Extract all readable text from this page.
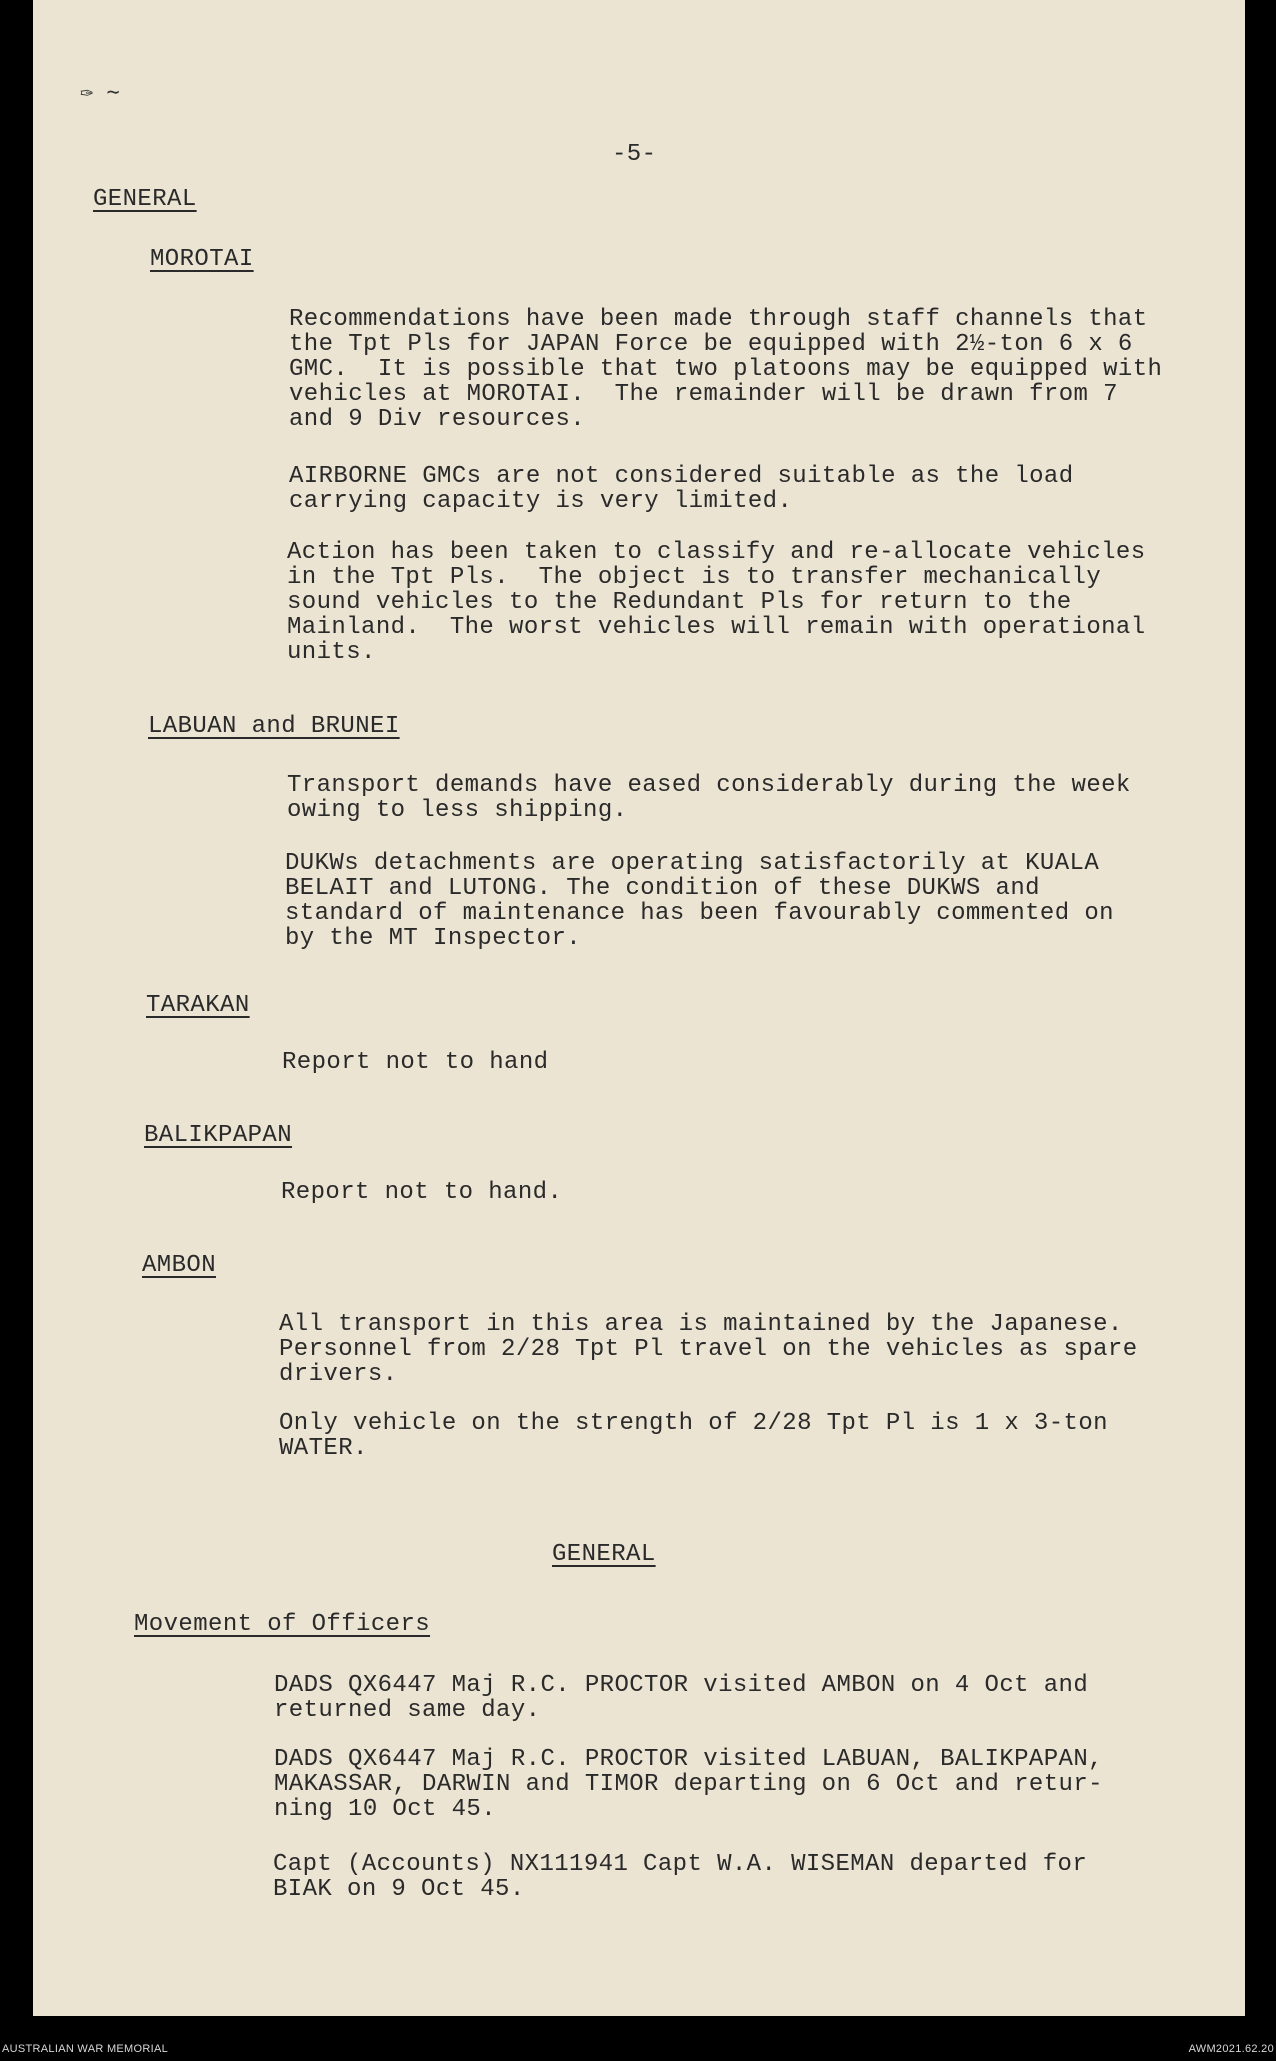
✑ ∼
-5-
GENERAL
MOROTAI
Recommendations have been made through staff channels that
the Tpt Pls for JAPAN Force be equipped with 2½-ton 6 x 6
GMC.  It is possible that two platoons may be equipped with
vehicles at MOROTAI.  The remainder will be drawn from 7
and 9 Div resources.
AIRBORNE GMCs are not considered suitable as the load
carrying capacity is very limited.
Action has been taken to classify and re-allocate vehicles
in the Tpt Pls.  The object is to transfer mechanically
sound vehicles to the Redundant Pls for return to the
Mainland.  The worst vehicles will remain with operational
units.
LABUAN and BRUNEI
Transport demands have eased considerably during the week
owing to less shipping.
DUKWs detachments are operating satisfactorily at KUALA
BELAIT and LUTONG. The condition of these DUKWS and
standard of maintenance has been favourably commented on
by the MT Inspector.
TARAKAN
Report not to hand
BALIKPAPAN
Report not to hand.
AMBON
All transport in this area is maintained by the Japanese.
Personnel from 2/28 Tpt Pl travel on the vehicles as spare
drivers.
Only vehicle on the strength of 2/28 Tpt Pl is 1 x 3-ton
WATER.
GENERAL
Movement of Officers
DADS QX6447 Maj R.C. PROCTOR visited AMBON on 4 Oct and
returned same day.
DADS QX6447 Maj R.C. PROCTOR visited LABUAN, BALIKPAPAN,
MAKASSAR, DARWIN and TIMOR departing on 6 Oct and retur-
ning 10 Oct 45.
Capt (Accounts) NX111941 Capt W.A. WISEMAN departed for
BIAK on 9 Oct 45.
AUSTRALIAN WAR MEMORIAL	AWM2021.62.20
